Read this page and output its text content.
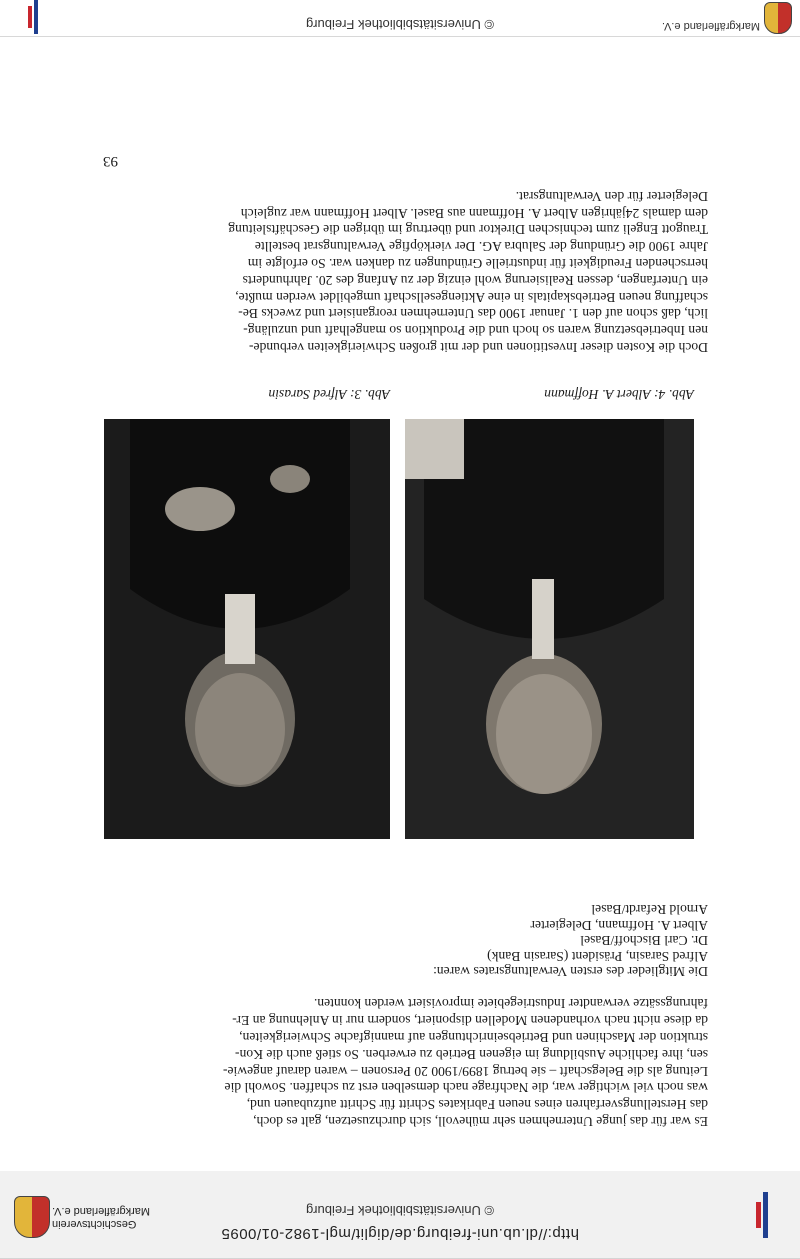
© Universitätsbibliothek Freiburg	Markgräflerland e.V.
93
Doch die Kosten dieser Investitionen und der mit großen Schwierigkeiten verbunde-
nen Inbetriebsetzung waren so hoch und die Produktion so mangelhaft und unzuläng-
lich, daß schon auf den 1. Januar 1900 das Unternehmen reorganisiert und zwecks Be-
schaffung neuen Betriebskapitals in eine Aktiengesellschaft umgebildet werden mußte,
ein Unterfangen, dessen Realisierung wohl einzig der zu Anfang des 20. Jahrhunderts
herrschenden Freudigkeit für industrielle Gründungen zu danken war. So erfolgte im
Jahre 1900 die Gründung der Salubra AG. Der vierköpfige Verwaltungsrat bestellte
Traugott Engeli zum technischen Direktor und übertrug im übrigen die Geschäftsleitung
dem damals 24jährigen Albert A. Hoffmann aus Basel. Albert Hoffmann war zugleich
Delegierter für den Verwaltungsrat.
Die Mitglieder des ersten Verwaltungsrates waren:
Alfred Sarasin, Präsident (Sarasin Bank)
Dr. Carl Bischoff/Basel
Albert A. Hoffmann, Delegierter
Arnold Refardt/Basel
Abb. 3: Alfred Sarasin	Abb. 4: Albert A. Hoffmann
Es war für das junge Unternehmen sehr mühevoll, sich durchzusetzen, galt es doch,
das Herstellungsverfahren eines neuen Fabrikates Schritt für Schritt aufzubauen und,
was noch viel wichtiger war, die Nachfrage nach demselben erst zu schaffen. Sowohl die
Leitung als die Belegschaft – sie betrug 1899/1900 20 Personen – waren darauf angewie-
sen, ihre fachliche Ausbildung im eigenen Betrieb zu erwerben. So stieß auch die Kon-
struktion der Maschinen und Betriebseinrichtungen auf mannigfache Schwierigkeiten,
da diese nicht nach vorhandenen Modellen disponiert, sondern nur in Anlehnung an Er-
fahrungssätze verwandter Industriegebiete improvisiert werden konnten.
http://dl.ub.uni-freiburg.de/diglit/mgl-1982-01/0095
© Universitätsbibliothek Freiburg
Geschichtsverein
Markgräflerland e.V.
